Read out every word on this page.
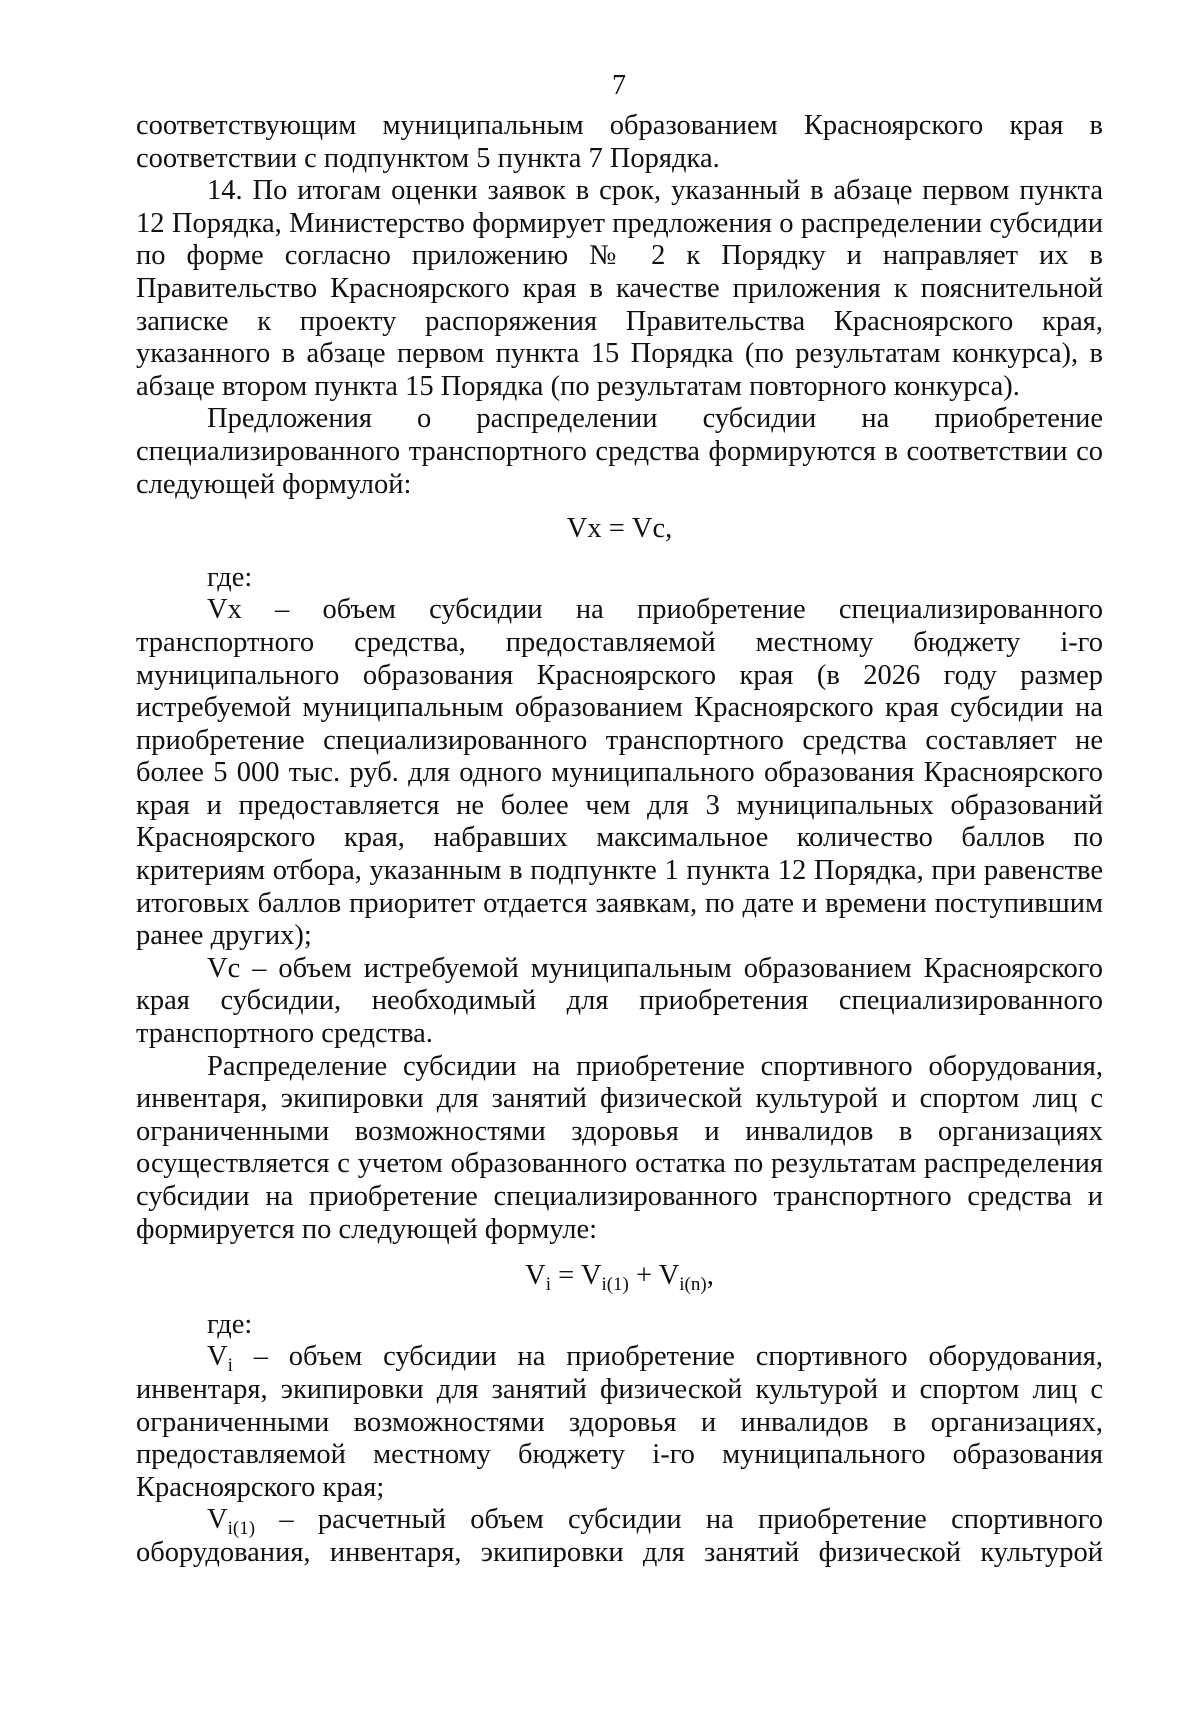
7

соответствующим муниципальным образованием Красноярского края в соответствии с подпунктом 5 пункта 7 Порядка.

14. По итогам оценки заявок в срок, указанный в абзаце первом пункта 12 Порядка, Министерство формирует предложения о распределении субсидии по форме согласно приложению № 2 к Порядку и направляет их в Правительство Красноярского края в качестве приложения к пояснительной записке к проекту распоряжения Правительства Красноярского края, указанного в абзаце первом пункта 15 Порядка (по результатам конкурса), в абзаце втором пункта 15 Порядка (по результатам повторного конкурса).

Предложения о распределении субсидии на приобретение специализированного транспортного средства формируются в соответствии со следующей формулой:

Vх = Vс,

где:

Vх – объем субсидии на приобретение специализированного транспортного средства, предоставляемой местному бюджету i-го муниципального образования Красноярского края (в 2026 году размер истребуемой муниципальным образованием Красноярского края субсидии на приобретение специализированного транспортного средства составляет не более 5 000 тыс. руб. для одного муниципального образования Красноярского края и предоставляется не более чем для 3 муниципальных образований Красноярского края, набравших максимальное количество баллов по критериям отбора, указанным в подпункте 1 пункта 12 Порядка, при равенстве итоговых баллов приоритет отдается заявкам, по дате и времени поступившим ранее других);

Vс – объем истребуемой муниципальным образованием Красноярского края субсидии, необходимый для приобретения специализированного транспортного средства.

Распределение субсидии на приобретение спортивного оборудования, инвентаря, экипировки для занятий физической культурой и спортом лиц с ограниченными возможностями здоровья и инвалидов в организациях осуществляется с учетом образованного остатка по результатам распределения субсидии на приобретение специализированного транспортного средства и формируется по следующей формуле:

$V_i = V_{i(1)} + V_{i(n)}$,

где:

$V_i$ – объем субсидии на приобретение спортивного оборудования, инвентаря, экипировки для занятий физической культурой и спортом лиц с ограниченными возможностями здоровья и инвалидов в организациях, предоставляемой местному бюджету i-го муниципального образования Красноярского края;

$V_{i(1)}$ – расчетный объем субсидии на приобретение спортивного оборудования, инвентаря, экипировки для занятий физической культурой
